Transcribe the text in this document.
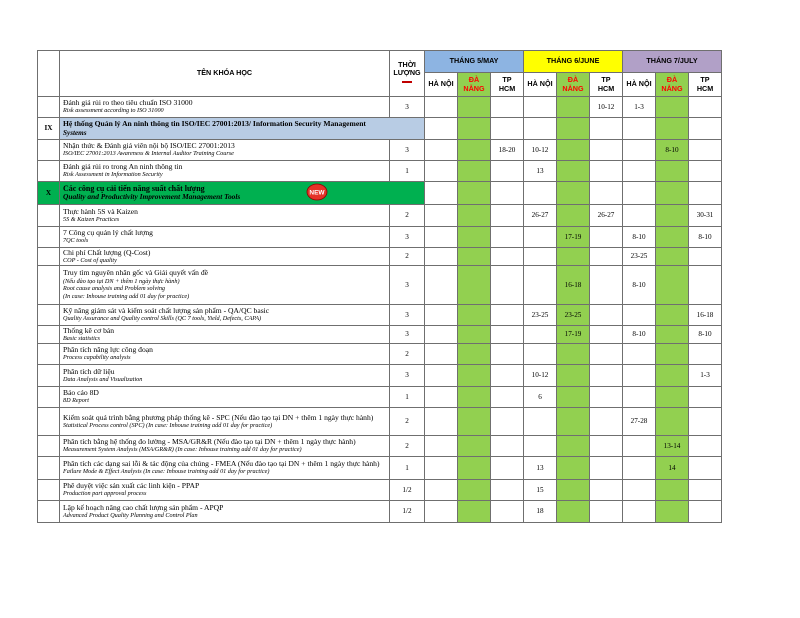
	TÊN KHÓA HỌC	THỜI
LƯỢNG	THÁNG 5/MAY			THÁNG 6/JUNE			THÁNG 7/JULY		
			HÀ NỘI	ĐÀ
NẴNG	TP HCM	HÀ NỘI	ĐÀ
NẴNG	TP HCM	HÀ NỘI	ĐÀ
NẴNG	TP HCM

	Đánh giá rủi ro theo tiêu chuẩn ISO 31000
Risk assessment according to ISO 31000	3						10-12	1-3		
IX	Hệ thống Quản lý An ninh thông tin ISO/IEC 27001:2013/ Information Security Management
Systems										

	Nhận thức & Đánh giá viên nội bộ ISO/IEC 27001:2013
ISO/IEC 27001:2013 Awareness & Internal Auditor Training Course	3			18-20	10-12				8-10	

	Đánh giá rủi ro trong An ninh thông tin
Risk Assessment in Information Security	1				13					
X	Các công cụ cải tiến năng suất chất lượng
Quality and Productivity Improvement Management Tools NEW										

	Thực hành 5S và Kaizen
5S & Kaizen Practices	2				26-27		26-27			30-31

	7 Công cụ quản lý chất lượng
7QC tools	3					17-19		8-10		8-10

	Chi phí Chất lượng (Q-Cost)
COP - Cost of quality	2							23-25		

	Truy tìm nguyên nhân gốc và Giải quyết vấn đề
(Nếu đào tạo tại DN + thêm 1 ngày thực hành)
Root cause analysis and Problem solving
(In case: Inhouse training add 01 day for practice)	3					16-18		8-10		

	Kỹ năng giám sát và kiểm soát chất lượng sản phẩm - QA/QC basic
Quality Assurance and Quality control Skills (QC 7 tools, Yield, Defects, CAPA)	3				23-25	23-25				16-18

	Thống kê cơ bản
Basic statistics	3					17-19		8-10		8-10

	Phân tích năng lực công đoạn
Process capability analysis	2									

	Phân tích dữ liệu
Data Analysis and Visualization	3				10-12					1-3

	Báo cáo 8D
8D Report	1				6					

	Kiểm soát quá trình bằng phương pháp thống kê - SPC (Nếu đào tạo tại DN + thêm 1 ngày thực hành)
Statistical Process control (SPC) (In case: Inhouse training add 01 day for practice)	2							27-28		

	Phân tích bằng hệ thống đo lường - MSA/GR&R (Nếu đào tạo tại DN + thêm 1 ngày thực hành)
Measurement System Analysis (MSA/GR&R) (In case: Inhouse training add 01 day for practice)	2								13-14	

	Phân tích các dạng sai lỗi & tác động của chúng - FMEA (Nếu đào tạo tại DN + thêm 1 ngày thực hành)
Failure Mode & Effect Analysis (In case: Inhouse training add 01 day for practice)	1				13				14	

	Phê duyệt việc sản xuất các linh kiện - PPAP
Production part approval process	1/2				15					

	Lập kế hoạch nâng cao chất lượng sản phẩm - APQP
Advanced Product Quality Planning and Control Plan	1/2				18					
